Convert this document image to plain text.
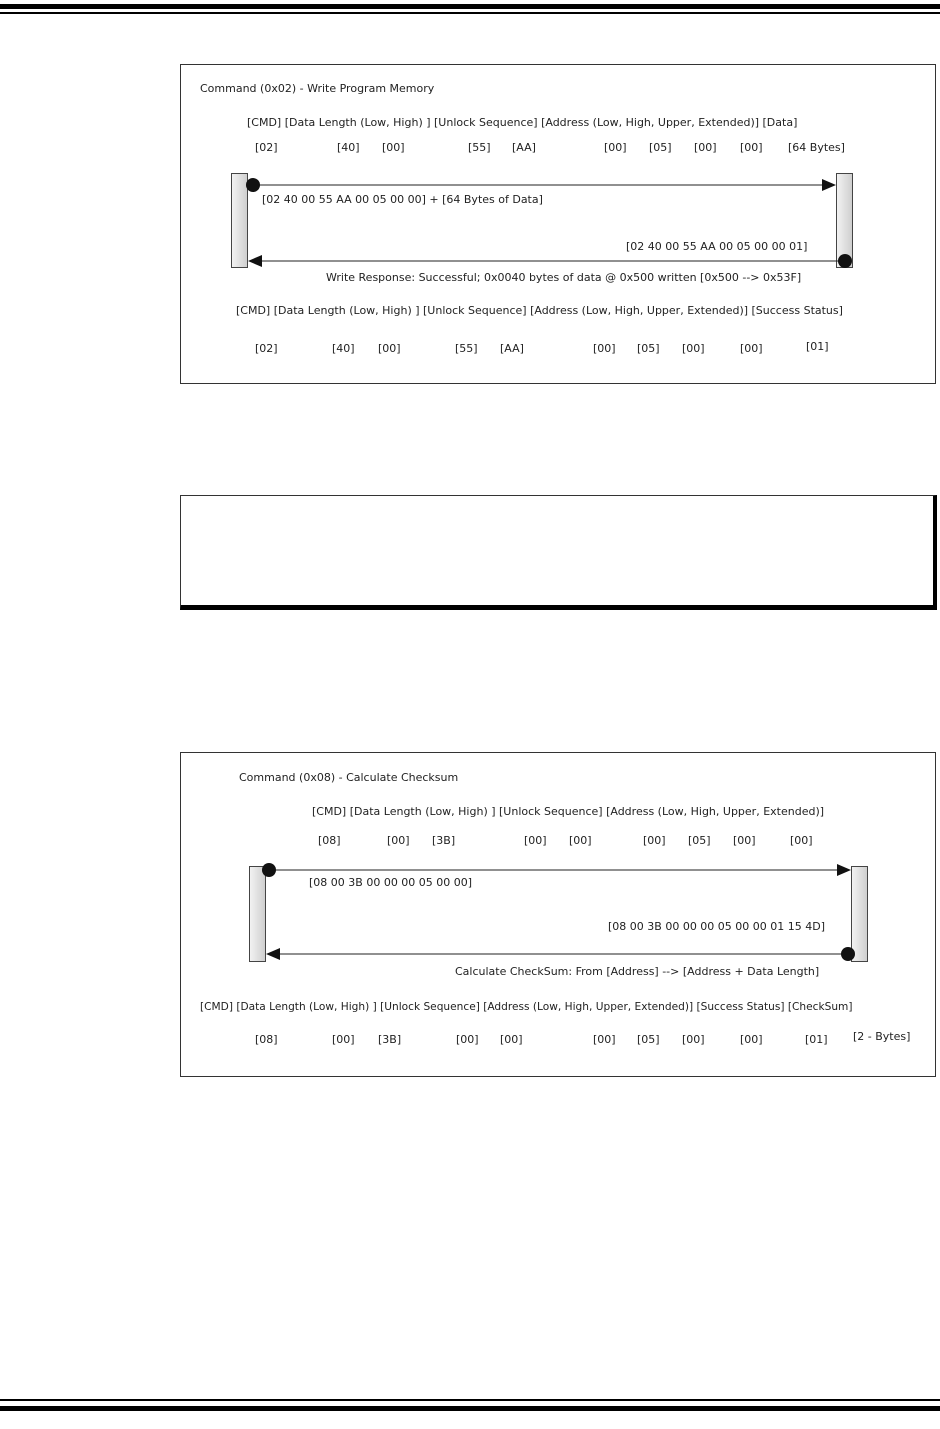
Command (0x02) - Write Program Memory
[CMD] [Data Length (Low, High) ] [Unlock Sequence] [Address (Low, High, Upper, Extended)] [Data]
[02]	[40] [00]	[55] [AA]	[00] [05] [00] [00] [64 Bytes]
[02 40 00 55 AA 00 05 00 00] + [64 Bytes of Data]
[02 40 00 55 AA 00 05 00 00 01]
Write Response: Successful; 0x0040 bytes of data @ 0x500 written [0x500 --> 0x53F]
[CMD] [Data Length (Low, High) ] [Unlock Sequence] [Address (Low, High, Upper, Extended)] [Success Status]
[02]	[40] [00]	[55] [AA]	[00] [05] [00]	[00]	[01]
Command (0x08) - Calculate Checksum
[CMD] [Data Length (Low, High) ] [Unlock Sequence] [Address (Low, High, Upper, Extended)]
[08]	[00] [3B]	[00] [00]	[00] [05] [00]	[00]
[08 00 3B 00 00 00 05 00 00]
[08 00 3B 00 00 00 05 00 00 01 15 4D]
Calculate CheckSum: From [Address] --> [Address + Data Length]
[CMD] [Data Length (Low, High) ] [Unlock Sequence] [Address (Low, High, Upper, Extended)] [Success Status] [CheckSum]
[08]	[00] [3B]	[00] [00]	[00] [05] [00]	[00]	[01] [2 - Bytes]
